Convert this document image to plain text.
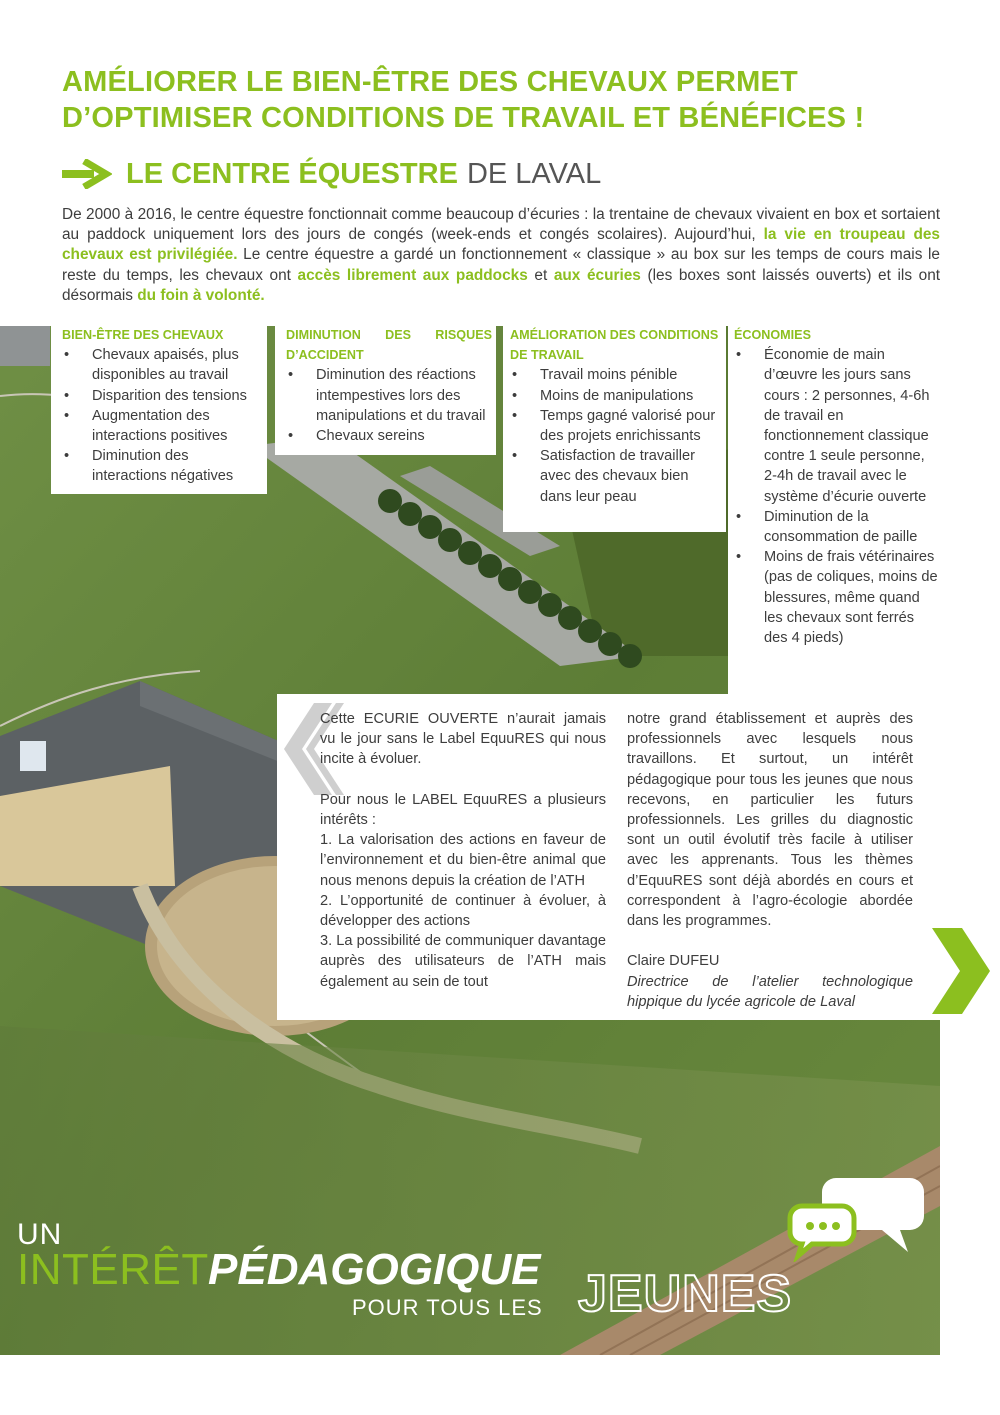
AMÉLIORER LE BIEN-ÊTRE DES CHEVAUX PERMET D’OPTIMISER CONDITIONS DE TRAVAIL ET BÉNÉFICES !
LE CENTRE ÉQUESTRE DE LAVAL

De 2000 à 2016, le centre équestre fonctionnait comme beaucoup d’écuries : la trentaine de chevaux vivaient en box et sortaient au paddock uniquement lors des jours de congés (week-ends et congés scolaires). Aujourd’hui, la vie en troupeau des chevaux est privilégiée. Le centre équestre a gardé un fonctionnement « classique » au box sur les temps de cours mais le reste du temps, les chevaux ont accès librement aux paddocks et aux écuries (les boxes sont laissés ouverts) et ils ont désormais du foin à volonté.

BIEN-ÊTRE DES CHEVAUX
• Chevaux apaisés, plus disponibles au travail
• Disparition des tensions
• Augmentation des interactions positives
• Diminution des interactions négatives
DIMINUTION DES RISQUES D’ACCIDENT
• Diminution des réactions intempestives lors des manipulations et du travail
• Chevaux sereins
AMÉLIORATION DES CONDITIONS DE TRAVAIL
• Travail moins pénible
• Moins de manipulations
• Temps gagné valorisé pour des projets enrichissants
• Satisfaction de travailler avec des chevaux bien dans leur peau
ÉCONOMIES
• Économie de main d’œuvre les jours sans cours : 2 personnes, 4-6h de travail en fonctionnement classique contre 1 seule personne, 2-4h de travail avec le système d’écurie ouverte
• Diminution de la consommation de paille
• Moins de frais vétérinaires (pas de coliques, moins de blessures, même quand les chevaux sont ferrés des 4 pieds)

Cette ECURIE OUVERTE n’aurait jamais vu le jour sans le Label EquuRES qui nous incite à évoluer.

Pour nous le LABEL EquuRES a plusieurs intérêts :

1. La valorisation des actions en faveur de l’environnement et du bien-être animal que nous menons depuis la création de l’ATH

2. L’opportunité de continuer à évoluer, à développer des actions

3. La possibilité de communiquer davantage auprès des utilisateurs de l’ATH mais également au sein de tout

notre grand établissement et auprès des professionnels avec lesquels nous travaillons. Et surtout, un intérêt pédagogique pour tous les jeunes que nous recevons, en particulier les futurs professionnels. Les grilles du diagnostic sont un outil évolutif très facile à utiliser avec les apprenants. Tous les thèmes d’EquuRES sont déjà abordés en cours et correspondent à l’agro-écologie abordée dans les programmes.

Claire DUFEU

Directrice de l’atelier technologique hippique du lycée agricole de Laval

UN
INTÉRÊT PÉDAGOGIQUE
POUR TOUS LES JEUNES
